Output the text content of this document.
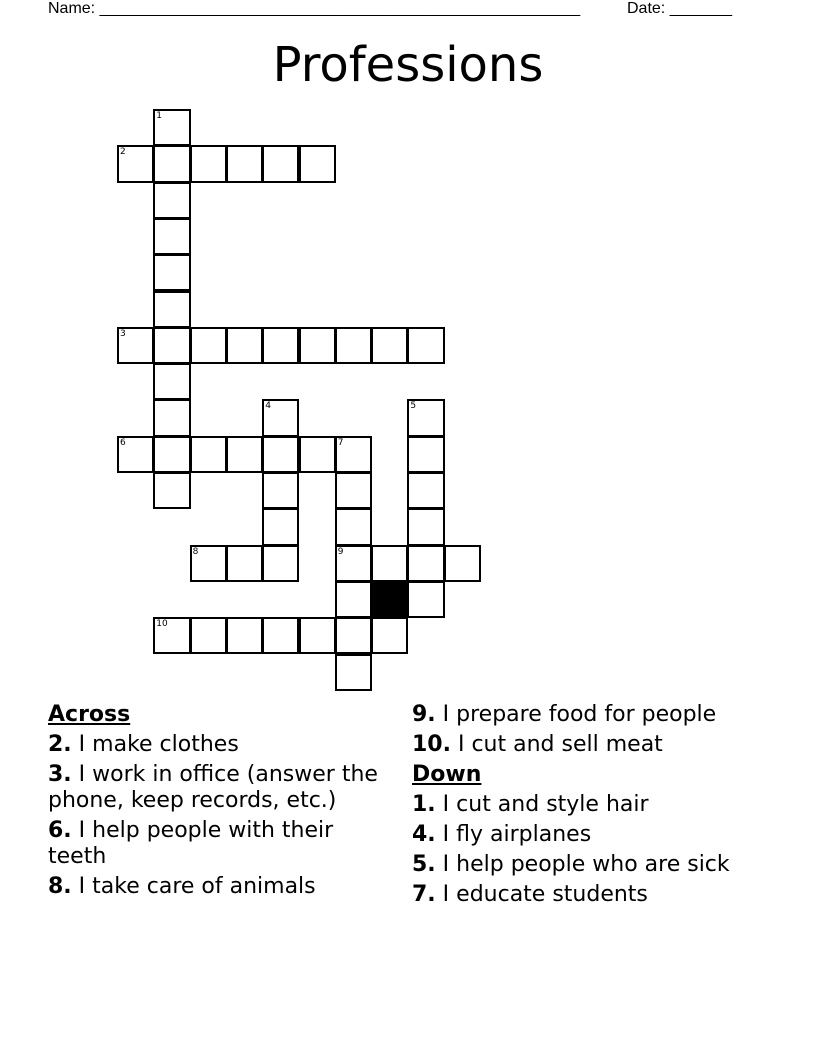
Name: ______________________________________________________	Date: _______
Professions
1
2
3
4	5
6	7
8	9
10
Across
2. I make clothes
3. I work in office (answer the phone, keep records, etc.)
6. I help people with their teeth
8. I take care of animals
9. I prepare food for people
10. I cut and sell meat
Down
1. I cut and style hair
4. I fly airplanes
5. I help people who are sick
7. I educate students
